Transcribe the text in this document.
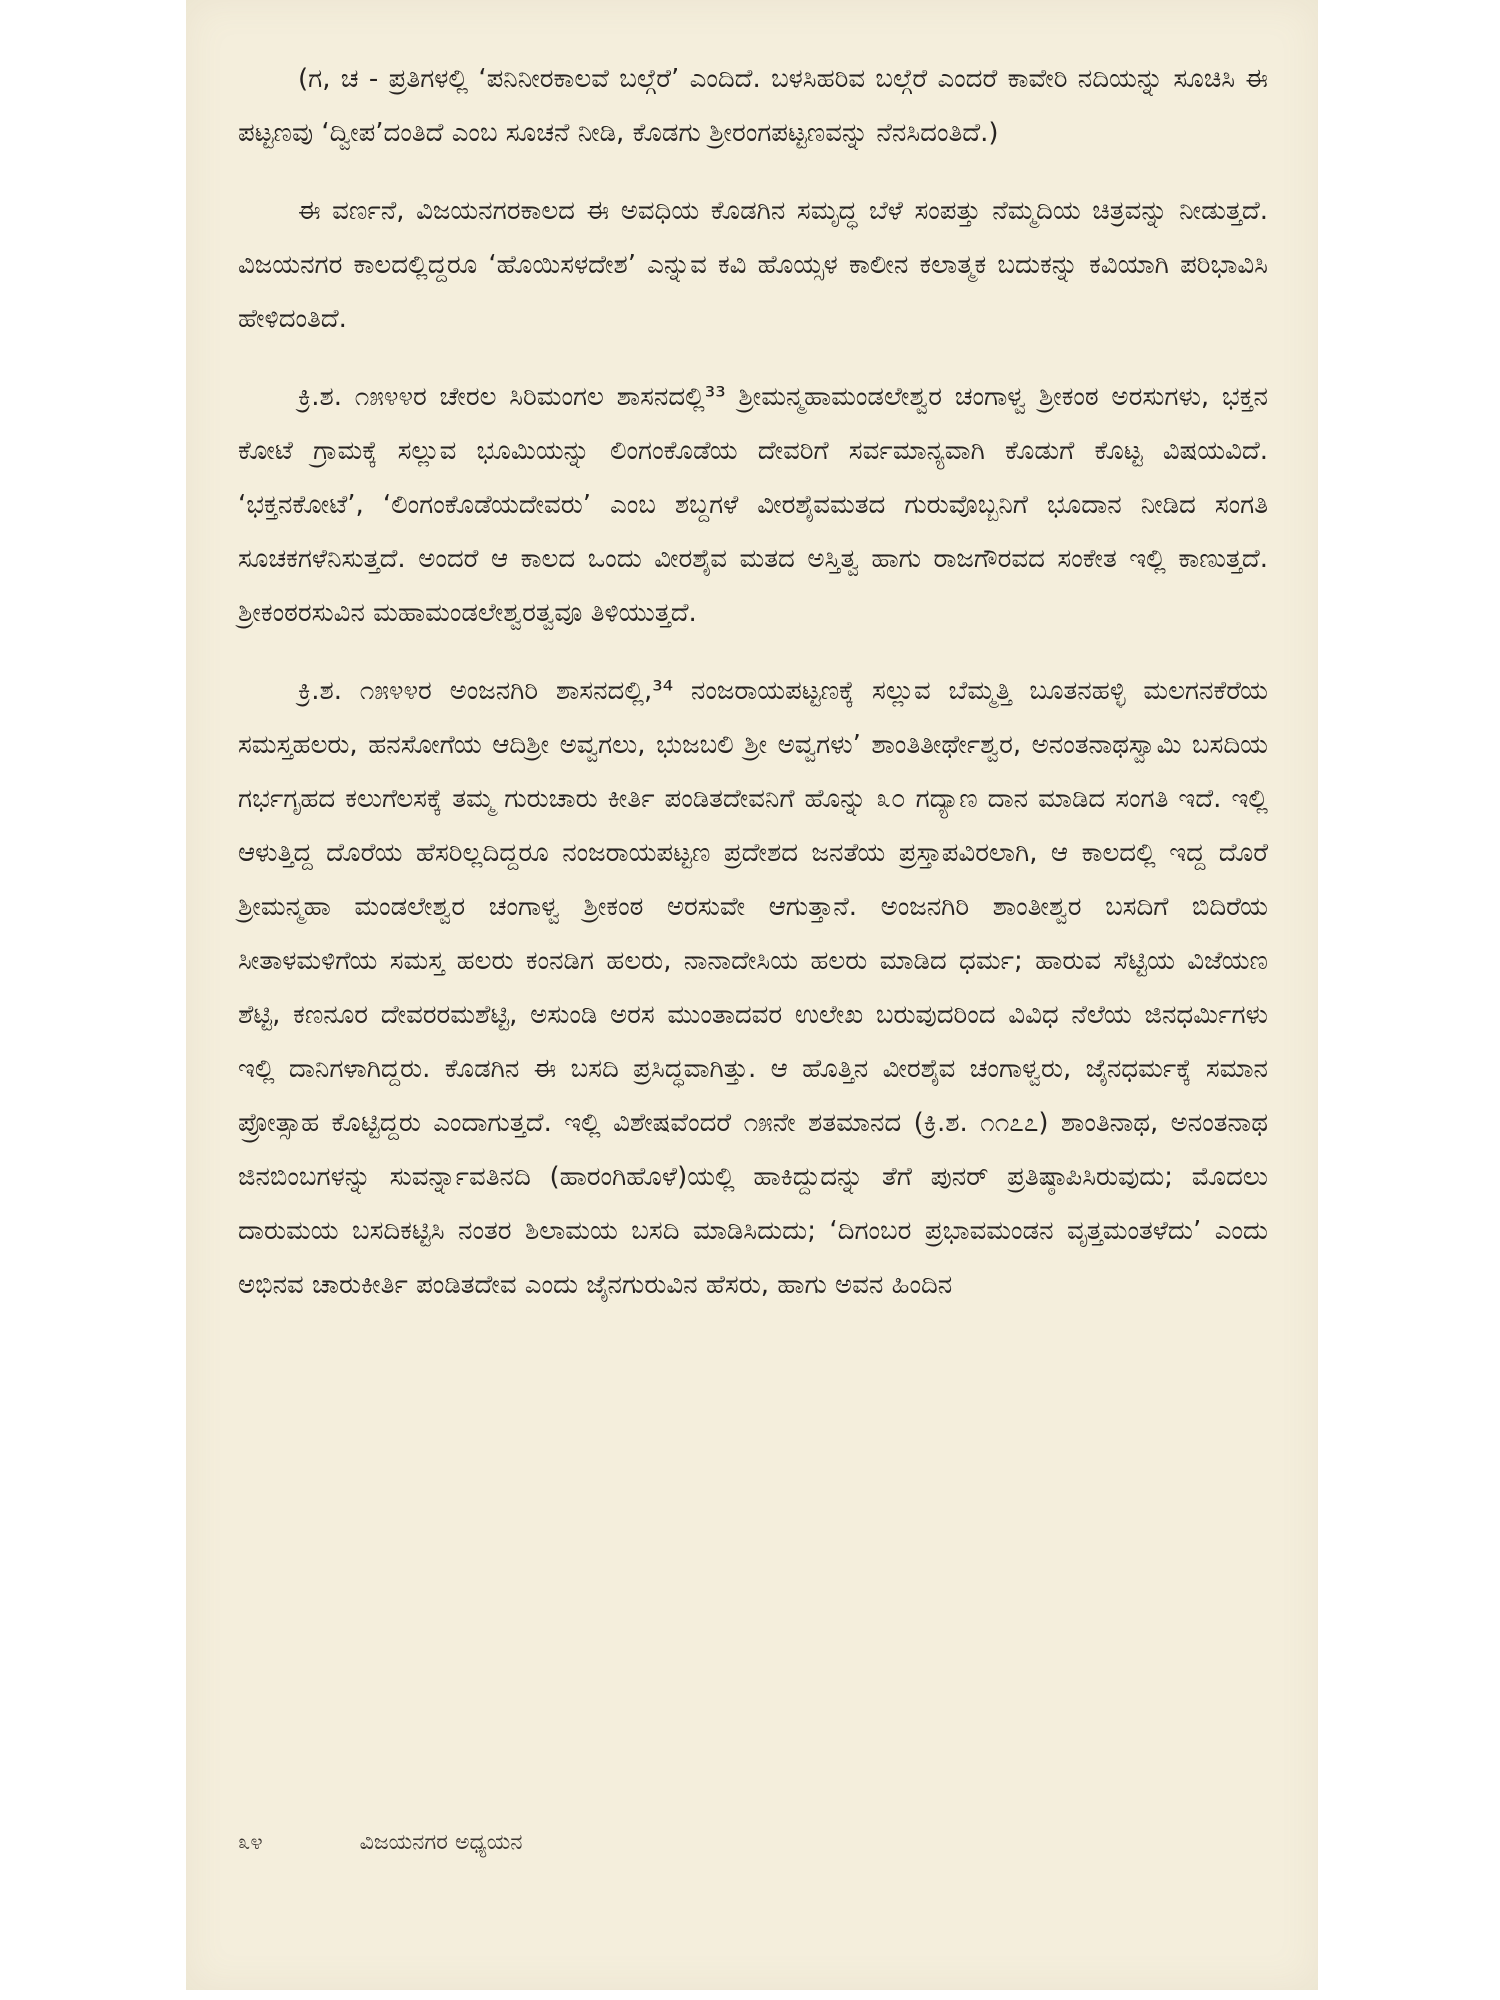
(ಗ, ಚ - ಪ್ರತಿಗಳಲ್ಲಿ ‘ಪನಿನೀರಕಾಲವೆ ಬಲ್ಗೆರೆ’ ಎಂದಿದೆ. ಬಳಸಿಹರಿವ ಬಲ್ಗೆರೆ ಎಂದರೆ ಕಾವೇರಿ ನದಿಯನ್ನು ಸೂಚಿಸಿ ಈ ಪಟ್ಟಣವು ‘ದ್ವೀಪ’ದಂತಿದೆ ಎಂಬ ಸೂಚನೆ ನೀಡಿ, ಕೊಡಗು ಶ್ರೀರಂಗಪಟ್ಟಣವನ್ನು ನೆನಸಿದಂತಿದೆ.)

ಈ ವರ್ಣನೆ, ವಿಜಯನಗರಕಾಲದ ಈ ಅವಧಿಯ ಕೊಡಗಿನ ಸಮೃದ್ಧ ಬೆಳೆ ಸಂಪತ್ತು ನೆಮ್ಮದಿಯ ಚಿತ್ರವನ್ನು ನೀಡುತ್ತದೆ. ವಿಜಯನಗರ ಕಾಲದಲ್ಲಿದ್ದರೂ ‘ಹೊಯಿಸಳದೇಶ’ ಎನ್ನುವ ಕವಿ ಹೊಯ್ಸಳ ಕಾಲೀನ ಕಲಾತ್ಮಕ ಬದುಕನ್ನು ಕವಿಯಾಗಿ ಪರಿಭಾವಿಸಿ ಹೇಳಿದಂತಿದೆ.

ಕ್ರಿ.ಶ. ೧೫೪೪ರ ಚೇರಲ ಸಿರಿಮಂಗಲ ಶಾಸನದಲ್ಲಿ³³ ಶ್ರೀಮನ್ಮಹಾಮಂಡಲೇಶ್ವರ ಚಂಗಾಳ್ವ ಶ್ರೀಕಂಠ ಅರಸುಗಳು, ಭಕ್ತನ ಕೋಟೆ ಗ್ರಾಮಕ್ಕೆ ಸಲ್ಲುವ ಭೂಮಿಯನ್ನು ಲಿಂಗಂಕೊಡೆಯ ದೇವರಿಗೆ ಸರ್ವಮಾನ್ಯವಾಗಿ ಕೊಡುಗೆ ಕೊಟ್ಟ ವಿಷಯವಿದೆ. ‘ಭಕ್ತನಕೋಟೆ’, ‘ಲಿಂಗಂಕೊಡೆಯದೇವರು’ ಎಂಬ ಶಬ್ದಗಳೆ ವೀರಶೈವಮತದ ಗುರುವೊಬ್ಬನಿಗೆ ಭೂದಾನ ನೀಡಿದ ಸಂಗತಿ ಸೂಚಕಗಳೆನಿಸುತ್ತದೆ. ಅಂದರೆ ಆ ಕಾಲದ ಒಂದು ವೀರಶೈವ ಮತದ ಅಸ್ತಿತ್ವ ಹಾಗು ರಾಜಗೌರವದ ಸಂಕೇತ ಇಲ್ಲಿ ಕಾಣುತ್ತದೆ. ಶ್ರೀಕಂಠರಸುವಿನ ಮಹಾಮಂಡಲೇಶ್ವರತ್ವವೂ ತಿಳಿಯುತ್ತದೆ.

ಕ್ರಿ.ಶ. ೧೫೪೪ರ ಅಂಜನಗಿರಿ ಶಾಸನದಲ್ಲಿ,³⁴ ನಂಜರಾಯಪಟ್ಟಣಕ್ಕೆ ಸಲ್ಲುವ ಬೆಮ್ಮತ್ತಿ ಬೂತನಹಳ್ಳಿ ಮಲಗನಕೆರೆಯ ಸಮಸ್ತಹಲರು, ಹನಸೋಗೆಯ ಆದಿಶ್ರೀ ಅವ್ವಗಲು, ಭುಜಬಲಿ ಶ್ರೀ ಅವ್ವಗಳು’ ಶಾಂತಿತೀರ್ಥೇಶ್ವರ, ಅನಂತನಾಥಸ್ವಾಮಿ ಬಸದಿಯ ಗರ್ಭಗೃಹದ ಕಲುಗೆಲಸಕ್ಕೆ ತಮ್ಮ ಗುರುಚಾರು ಕೀರ್ತಿ ಪಂಡಿತದೇವನಿಗೆ ಹೊನ್ನು ೩೦ ಗದ್ಯಾಣ ದಾನ ಮಾಡಿದ ಸಂಗತಿ ಇದೆ. ಇಲ್ಲಿ ಆಳುತ್ತಿದ್ದ ದೊರೆಯ ಹೆಸರಿಲ್ಲದಿದ್ದರೂ ನಂಜರಾಯಪಟ್ಟಣ ಪ್ರದೇಶದ ಜನತೆಯ ಪ್ರಸ್ತಾಪವಿರಲಾಗಿ, ಆ ಕಾಲದಲ್ಲಿ ಇದ್ದ ದೊರೆ ಶ್ರೀಮನ್ಮಹಾ ಮಂಡಲೇಶ್ವರ ಚಂಗಾಳ್ವ ಶ್ರೀಕಂಠ ಅರಸುವೇ ಆಗುತ್ತಾನೆ. ಅಂಜನಗಿರಿ ಶಾಂತೀಶ್ವರ ಬಸದಿಗೆ ಬಿದಿರೆಯ ಸೀತಾಳಮಳಿಗೆಯ ಸಮಸ್ತ ಹಲರು ಕಂನಡಿಗ ಹಲರು, ನಾನಾದೇಸಿಯ ಹಲರು ಮಾಡಿದ ಧರ್ಮ; ಹಾರುವ ಸೆಟ್ಟಿಯ ವಿಜೆಯಣ ಶೆಟ್ಟಿ, ಕಣನೂರ ದೇವರರಮಶೆಟ್ಟಿ, ಅಸುಂಡಿ ಅರಸ ಮುಂತಾದವರ ಉಲೇಖ ಬರುವುದರಿಂದ ವಿವಿಧ ನೆಲೆಯ ಜಿನಧರ್ಮಿಗಳು ಇಲ್ಲಿ ದಾನಿಗಳಾಗಿದ್ದರು. ಕೊಡಗಿನ ಈ ಬಸದಿ ಪ್ರಸಿದ್ಧವಾಗಿತ್ತು. ಆ ಹೊತ್ತಿನ ವೀರಶೈವ ಚಂಗಾಳ್ವರು, ಜೈನಧರ್ಮಕ್ಕೆ ಸಮಾನ ಪ್ರೋತ್ಸಾಹ ಕೊಟ್ಟಿದ್ದರು ಎಂದಾಗುತ್ತದೆ. ಇಲ್ಲಿ ವಿಶೇಷವೆಂದರೆ ೧೫ನೇ ಶತಮಾನದ (ಕ್ರಿ.ಶ. ೧೧೭೭) ಶಾಂತಿನಾಥ, ಅನಂತನಾಥ ಜಿನಬಿಂಬಗಳನ್ನು ಸುವರ್ನ್ನಾವತಿನದಿ (ಹಾರಂಗಿಹೊಳೆ)ಯಲ್ಲಿ ಹಾಕಿದ್ದುದನ್ನು ತೆಗೆ ಪುನರ್ ಪ್ರತಿಷ್ಠಾಪಿಸಿರುವುದು; ಮೊದಲು ದಾರುಮಯ ಬಸದಿಕಟ್ಟಿಸಿ ನಂತರ ಶಿಲಾಮಯ ಬಸದಿ ಮಾಡಿಸಿದುದು; ‘ದಿಗಂಬರ ಪ್ರಭಾವಮಂಡನ ವೃತ್ತಮಂತಳೆದು’ ಎಂದು ಅಭಿನವ ಚಾರುಕೀರ್ತಿ ಪಂಡಿತದೇವ ಎಂದು ಜೈನಗುರುವಿನ ಹೆಸರು, ಹಾಗು ಅವನ ಹಿಂದಿನ

೩೪	ವಿಜಯನಗರ ಅಧ್ಯಯನ
